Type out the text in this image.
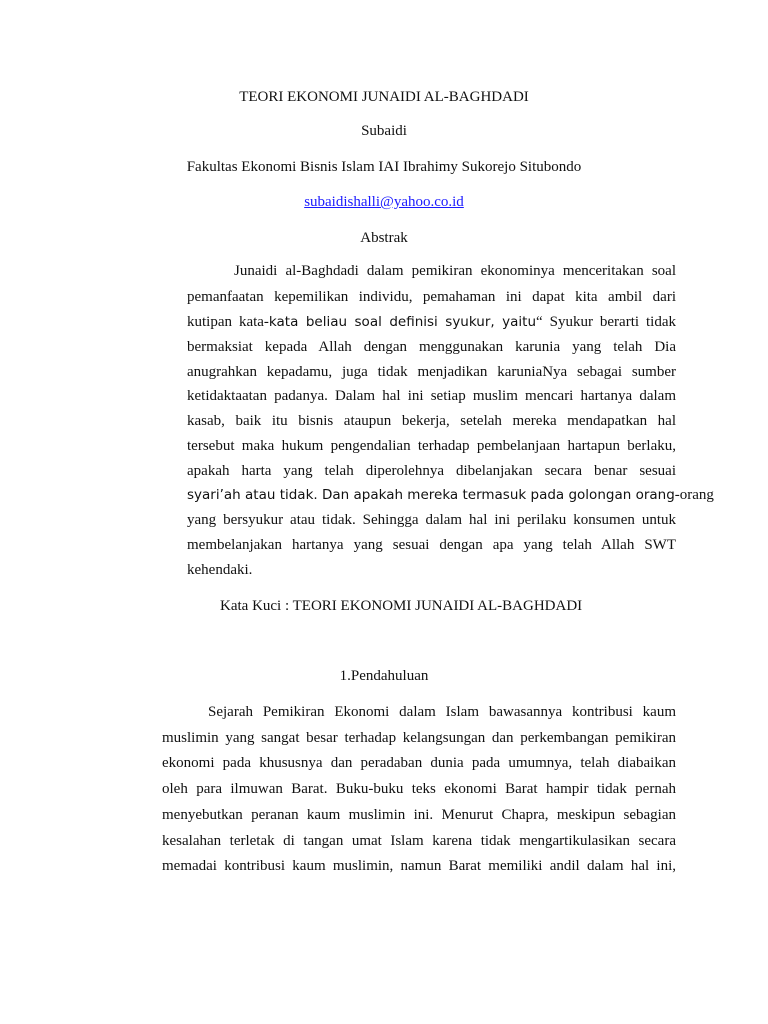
TEORI EKONOMI JUNAIDI AL-BAGHDADI
Subaidi
Fakultas Ekonomi Bisnis Islam IAI Ibrahimy Sukorejo Situbondo
subaidishalli@yahoo.co.id
Abstrak
Junaidi al-Baghdadi dalam pemikiran ekonominya menceritakan soal
pemanfaatan kepemilikan individu, pemahaman ini dapat kita ambil dari
kutipan kata-kata beliau soal definisi syukur, yaitu“ Syukur berarti tidak
bermaksiat kepada Allah dengan menggunakan karunia yang telah Dia
anugrahkan kepadamu, juga tidak menjadikan karuniaNya sebagai sumber
ketidaktaatan padanya. Dalam hal ini setiap muslim mencari hartanya dalam
kasab, baik itu bisnis ataupun bekerja, setelah mereka mendapatkan hal
tersebut maka hukum pengendalian terhadap pembelanjaan hartapun berlaku,
apakah harta yang telah diperolehnya dibelanjakan secara benar sesuai
syari’ah atau tidak. Dan apakah mereka termasuk pada golongan orang-orang
yang bersyukur atau tidak. Sehingga dalam hal ini perilaku konsumen untuk
membelanjakan hartanya yang sesuai dengan apa yang telah Allah SWT
kehendaki.
Kata Kuci : TEORI EKONOMI JUNAIDI AL-BAGHDADI
1.Pendahuluan
Sejarah Pemikiran Ekonomi dalam Islam bawasannya kontribusi kaum
muslimin yang sangat besar terhadap kelangsungan dan perkembangan pemikiran
ekonomi pada khususnya dan peradaban dunia pada umumnya, telah diabaikan
oleh para ilmuwan Barat. Buku-buku teks ekonomi Barat hampir tidak pernah
menyebutkan peranan kaum muslimin ini. Menurut Chapra, meskipun sebagian
kesalahan terletak di tangan umat Islam karena tidak mengartikulasikan secara
memadai kontribusi kaum muslimin, namun Barat memiliki andil dalam hal ini,
